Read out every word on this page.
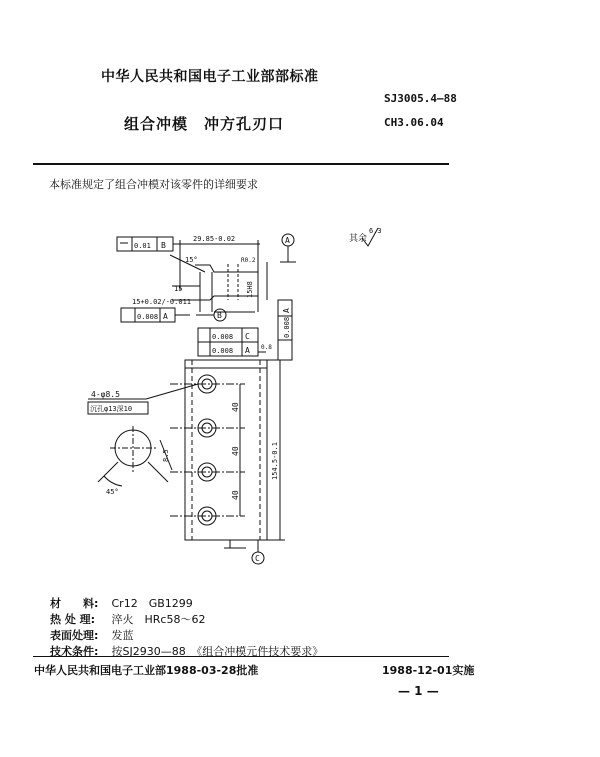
中华人民共和国电子工业部部标准
SJ3005.4—88
组合冲模　冲方孔刃口	CH3.06.04
本标准规定了组合冲模对该零件的详细要求
其余
6.3
0.01 B
29.85-0.02	A
15
15°	R0.2
15H8
15+0.02/-0.011
0.008 A	B
0.008
A
0.008 C
0.008 A 0.8
4-φ8.5
沉孔φ13深10	40
40
40
154.5-0.1
C
45°
8.5
材　　料: Cr12　GB1299
热 处 理: 淬火　HRc58～62
表面处理: 发蓝
技术条件: 按SJ2930—88　《组合冲模元件技术要求》
中华人民共和国电子工业部1988-03-28批准	1988-12-01实施
— 1 —
